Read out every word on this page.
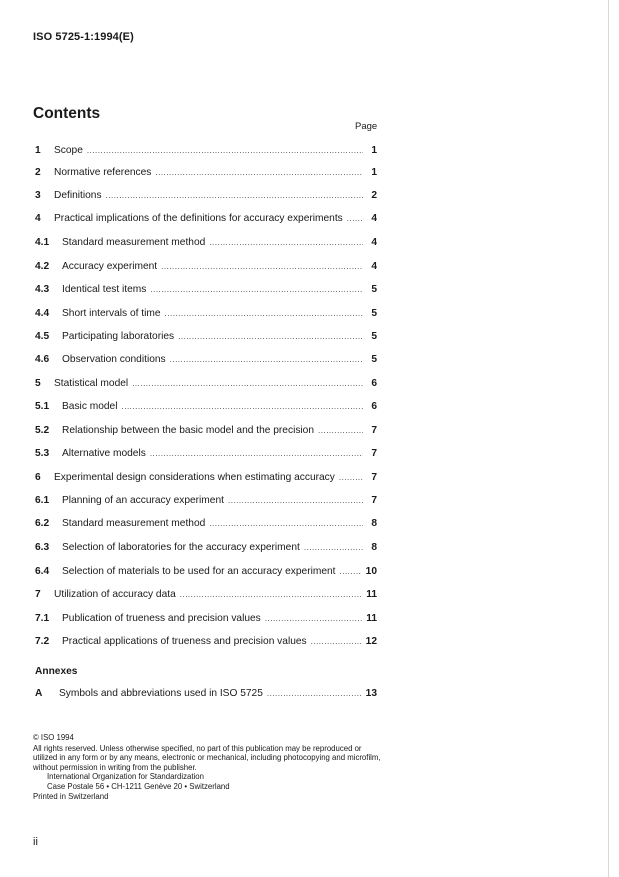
ISO 5725-1:1994(E)
Contents
Page
1	Scope .....	1
2	Normative references .....	1
3	Definitions .....	2
4	Practical implications of the definitions for accuracy experiments .....	4
4.1	Standard measurement method .....	4
4.2	Accuracy experiment .....	4
4.3	Identical test items .....	5
4.4	Short intervals of time .....	5
4.5	Participating laboratories .....	5
4.6	Observation conditions .....	5
5	Statistical model .....	6
5.1	Basic model .....	6
5.2	Relationship between the basic model and the precision .....	7
5.3	Alternative models .....	7
6	Experimental design considerations when estimating accuracy .....	7
6.1	Planning of an accuracy experiment .....	7
6.2	Standard measurement method .....	8
6.3	Selection of laboratories for the accuracy experiment .....	8
6.4	Selection of materials to be used for an accuracy experiment .....	10
7	Utilization of accuracy data .....	11
7.1	Publication of trueness and precision values .....	11
7.2	Practical applications of trueness and precision values .....	12
Annexes
A	Symbols and abbreviations used in ISO 5725 .....	13
© ISO 1994
All rights reserved. Unless otherwise specified, no part of this publication may be reproduced or utilized in any form or by any means, electronic or mechanical, including photocopying and microfilm, without permission in writing from the publisher.
International Organization for Standardization
Case Postale 56 • CH-1211 Genève 20 • Switzerland
Printed in Switzerland
ii
